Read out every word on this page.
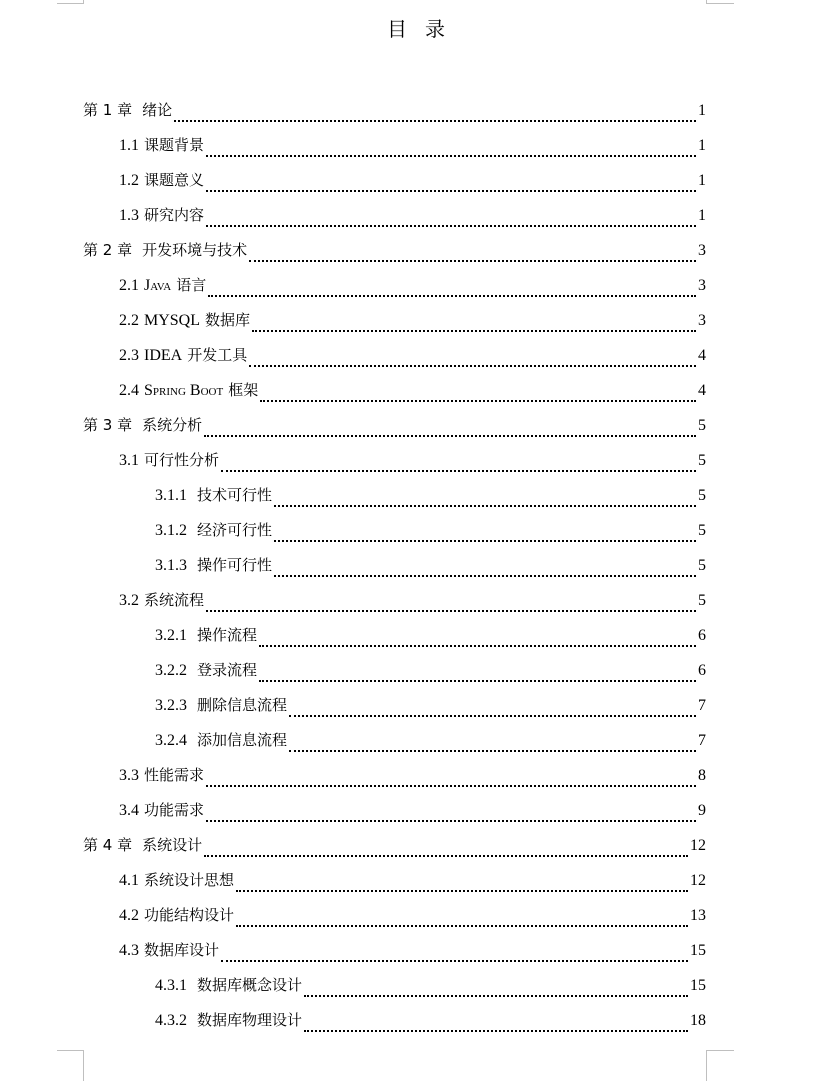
目 录
第 1 章 绪论	1
1.1 课题背景	1
1.2 课题意义	1
1.3 研究内容	1
第 2 章 开发环境与技术	3
2.1 Java 语言	3
2.2 MYSQL 数据库	3
2.3 IDEA 开发工具	4
2.4 Spring Boot 框架	4
第 3 章 系统分析	5
3.1 可行性分析	5
3.1.1 技术可行性	5
3.1.2 经济可行性	5
3.1.3 操作可行性	5
3.2 系统流程	5
3.2.1 操作流程	6
3.2.2 登录流程	6
3.2.3 删除信息流程	7
3.2.4 添加信息流程	7
3.3 性能需求	8
3.4 功能需求	9
第 4 章 系统设计	12
4.1 系统设计思想	12
4.2 功能结构设计	13
4.3 数据库设计	15
4.3.1 数据库概念设计	15
4.3.2 数据库物理设计	18
